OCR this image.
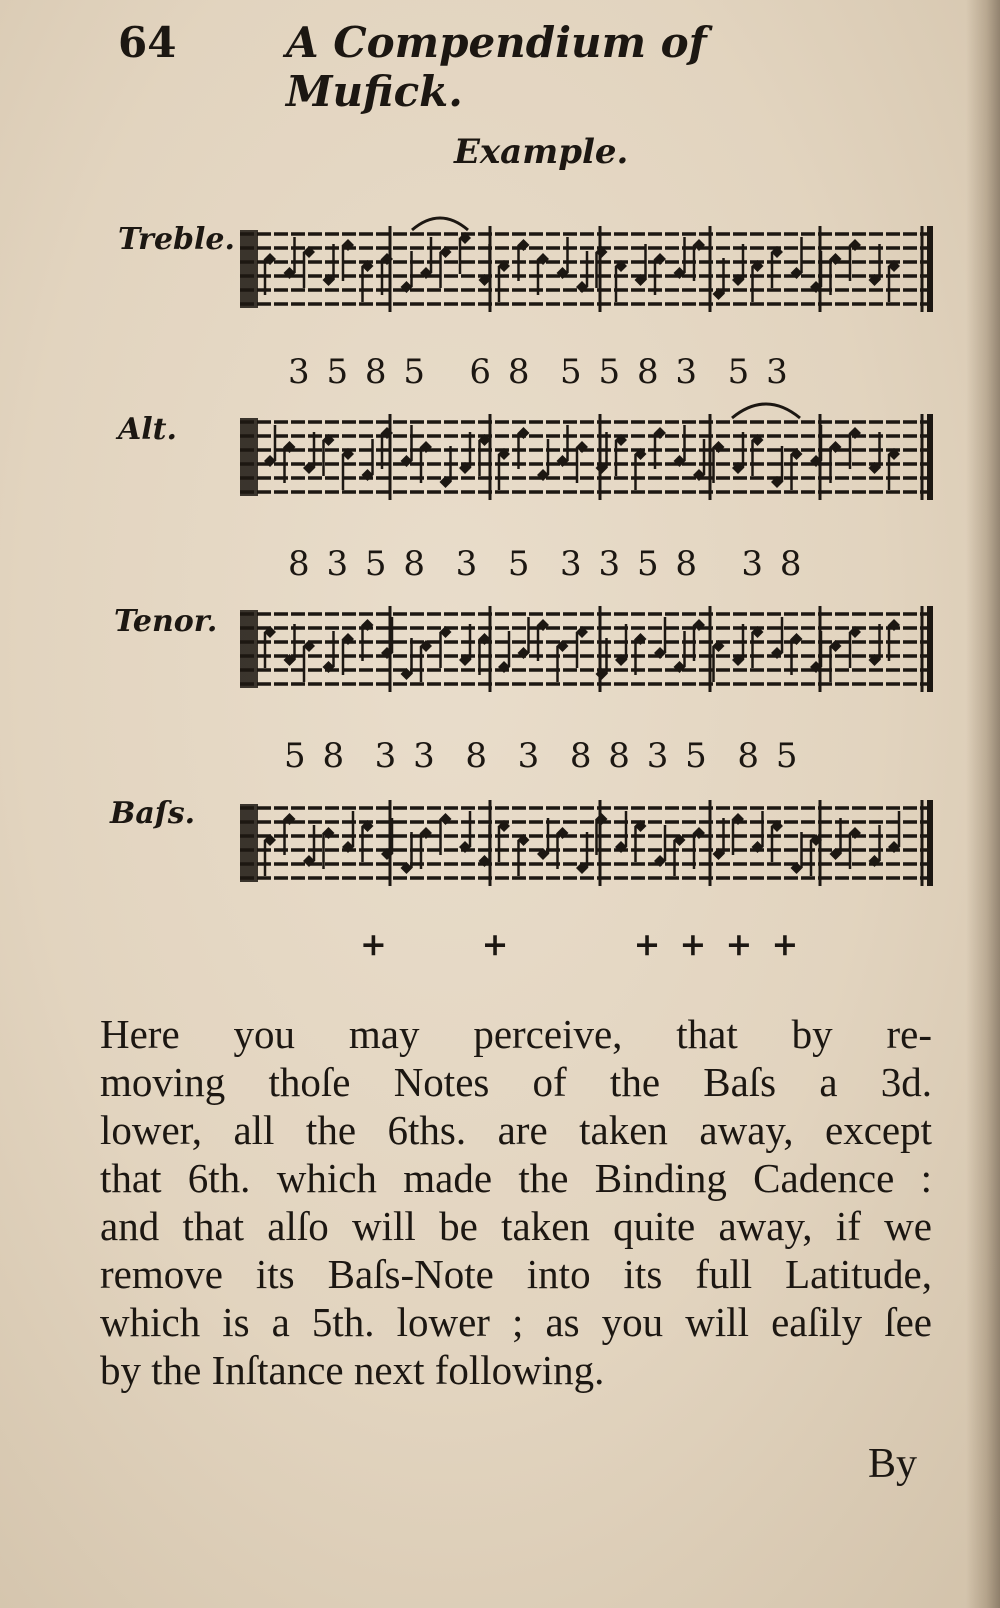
64	A Compendium of Mufick.
Example.
Treble.
Alt.
Tenor.
Baſs.
3 5 8 5   6 8  5 5 8 3  5 3
8 3 5 8  3  5  3 3 5 8   3 8
5 8  3 3  8  3  8 8 3 5  8 5
+      +        + + + +

Here you may perceive, that by re-

moving thoſe Notes of the Baſs a 3d.

lower, all the 6ths. are taken away, except

that 6th. which made the Binding Cadence :

and that alſo will be taken quite away, if we

remove its Baſs-Note into its full Latitude,

which is a 5th. lower ; as you will eaſily ſee

by the Inſtance next following.

By
